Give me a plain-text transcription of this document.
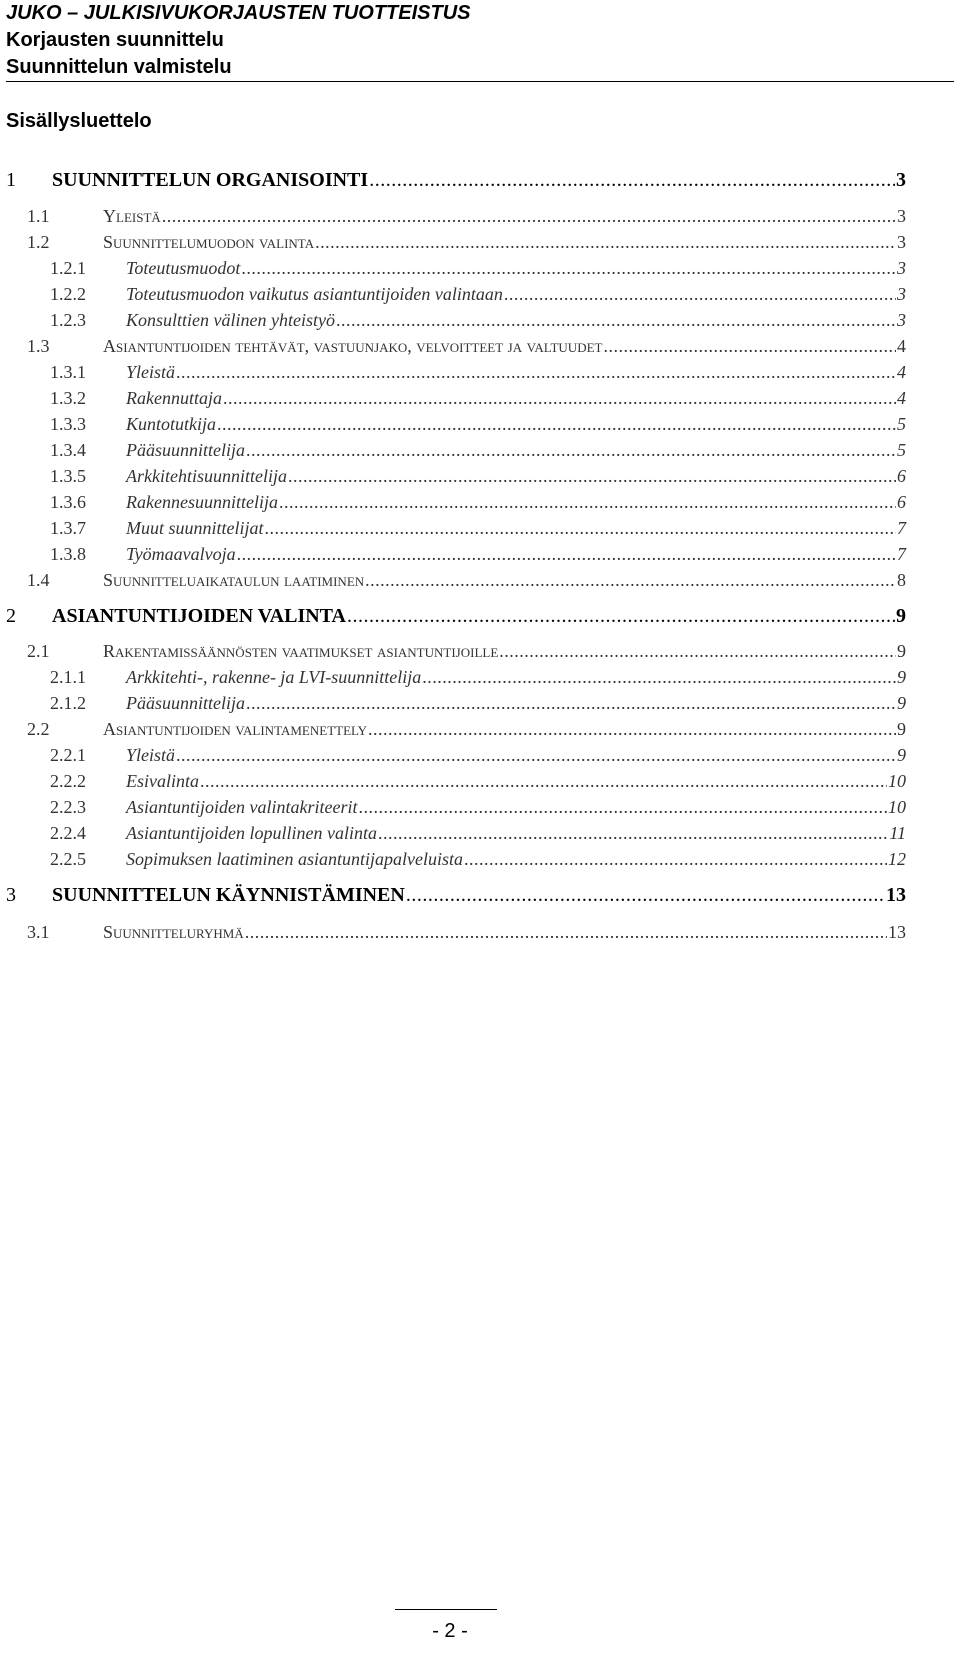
JUKO – JULKISIVUKORJAUSTEN TUOTTEISTUS
Korjausten suunnittelu
Suunnittelun valmistelu
Sisällysluettelo
1 SUUNNITTELUN ORGANISOINTI .....	3
1.1	Yleistä .....	3
1.2	Suunnittelumuodon valinta .....	3
1.2.1 Toteutusmuodot .....	3
1.2.2 Toteutusmuodon vaikutus asiantuntijoiden valintaan .....	3
1.2.3 Konsulttien välinen yhteistyö .....	3
1.3	Asiantuntijoiden tehtävät, vastuunjako, velvoitteet ja valtuudet .....	4
1.3.1 Yleistä .....	4
1.3.2 Rakennuttaja .....	4
1.3.3 Kuntotutkija .....	5
1.3.4 Pääsuunnittelija .....	5
1.3.5 Arkkitehtisuunnittelija .....	6
1.3.6 Rakennesuunnittelija .....	6
1.3.7 Muut suunnittelijat .....	7
1.3.8 Työmaavalvoja .....	7
1.4	Suunnitteluaikataulun laatiminen .....	8
2 ASIANTUNTIJOIDEN VALINTA .....	9
2.1	Rakentamissäännösten vaatimukset asiantuntijoille .....	9
2.1.1 Arkkitehti-, rakenne- ja LVI-suunnittelija .....	9
2.1.2 Pääsuunnittelija .....	9
2.2	Asiantuntijoiden valintamenettely .....	9
2.2.1 Yleistä .....	9
2.2.2 Esivalinta .....	10
2.2.3 Asiantuntijoiden valintakriteerit .....	10
2.2.4 Asiantuntijoiden lopullinen valinta .....	11
2.2.5 Sopimuksen laatiminen asiantuntijapalveluista .....	12
3 SUUNNITTELUN KÄYNNISTÄMINEN .....	13
3.1	Suunnitteluryhmä .....	13
- 2 -
